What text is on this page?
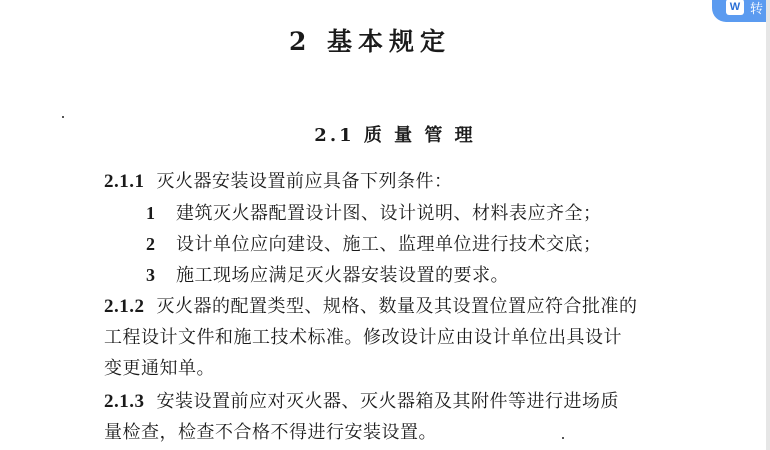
2 基本规定
2.1 质 量 管 理
2.1.1 灭火器安装设置前应具备下列条件：
1 建筑灭火器配置设计图、设计说明、材料表应齐全；
2 设计单位应向建设、施工、监理单位进行技术交底；
3 施工现场应满足灭火器安装设置的要求。
2.1.2 灭火器的配置类型、规格、数量及其设置位置应符合批准的
工程设计文件和施工技术标准。修改设计应由设计单位出具设计
变更通知单。
2.1.3 安装设置前应对灭火器、灭火器箱及其附件等进行进场质
量检查，检查不合格不得进行安装设置。
W 转
